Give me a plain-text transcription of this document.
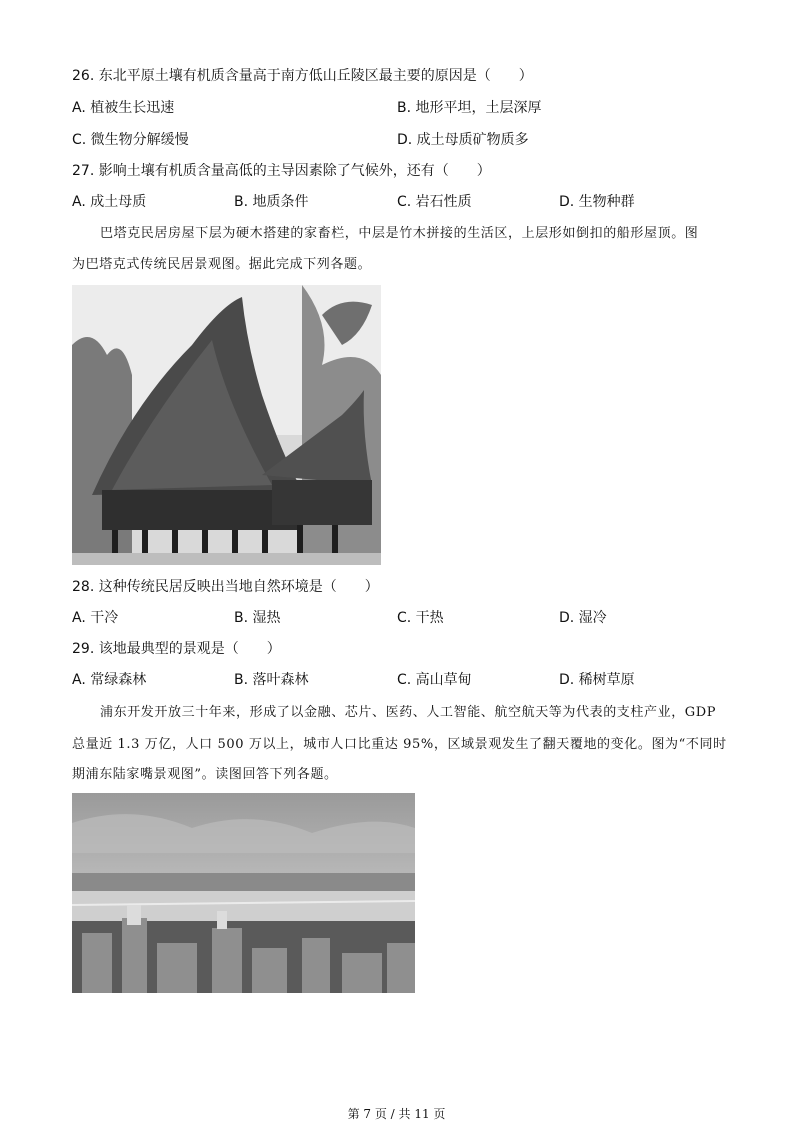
26. 东北平原土壤有机质含量高于南方低山丘陵区最主要的原因是（　　）
A. 植被生长迅速	B. 地形平坦，土层深厚
C. 微生物分解缓慢	D. 成土母质矿物质多
27. 影响土壤有机质含量高低的主导因素除了气候外，还有（　　）
A. 成土母质	B. 地质条件	C. 岩石性质	D. 生物种群
巴塔克民居房屋下层为硬木搭建的家畜栏，中层是竹木拼接的生活区，上层形如倒扣的船形屋顶。图
为巴塔克式传统民居景观图。据此完成下列各题。
28. 这种传统民居反映出当地自然环境是（　　）
A. 干冷	B. 湿热	C. 干热	D. 湿冷
29. 该地最典型的景观是（　　）
A. 常绿森林	B. 落叶森林	C. 高山草甸	D. 稀树草原
浦东开发开放三十年来，形成了以金融、芯片、医药、人工智能、航空航天等为代表的支柱产业，GDP
总量近 1.3 万亿，人口 500 万以上，城市人口比重达 95%，区域景观发生了翻天覆地的变化。图为“不同时
期浦东陆家嘴景观图”。读图回答下列各题。
第 7 页 / 共 11 页
